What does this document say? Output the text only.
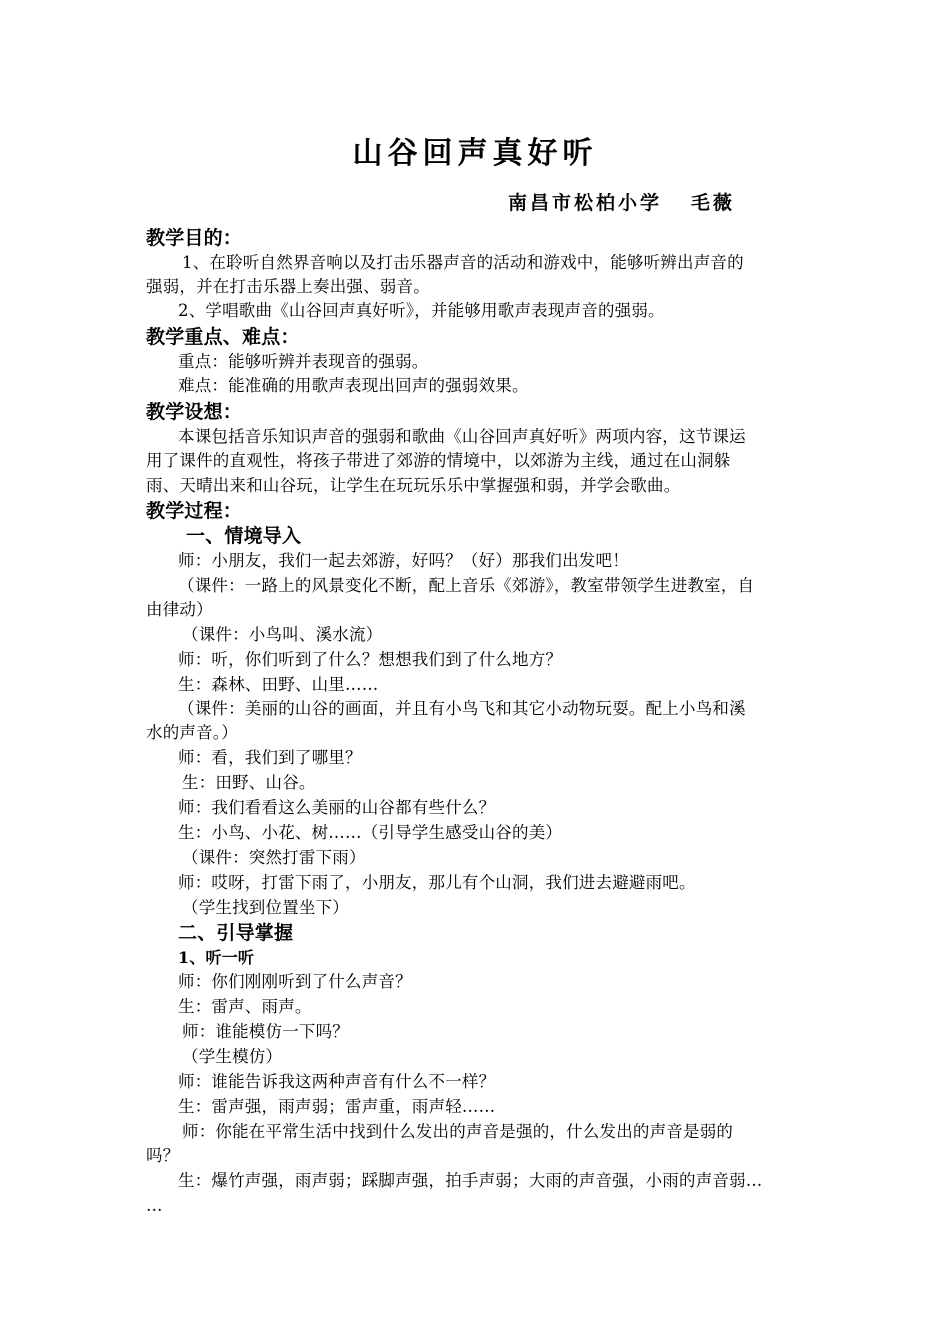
山谷回声真好听
南昌市松柏小学   毛薇
教学目的：
1、在聆听自然界音响以及打击乐器声音的活动和游戏中，能够听辨出声音的
强弱，并在打击乐器上奏出强、弱音。
2、学唱歌曲《山谷回声真好听》，并能够用歌声表现声音的强弱。
教学重点、难点：
重点：能够听辨并表现音的强弱。
难点：能准确的用歌声表现出回声的强弱效果。
教学设想：
本课包括音乐知识声音的强弱和歌曲《山谷回声真好听》两项内容，这节课运
用了课件的直观性，将孩子带进了郊游的情境中，以郊游为主线，通过在山洞躲
雨、天晴出来和山谷玩，让学生在玩玩乐乐中掌握强和弱，并学会歌曲。
教学过程：
一、情境导入
师：小朋友，我们一起去郊游，好吗？（好）那我们出发吧！
（课件：一路上的风景变化不断，配上音乐《郊游》，教室带领学生进教室，自
由律动）
（课件：小鸟叫、溪水流）
师：听，你们听到了什么？想想我们到了什么地方？
生：森林、田野、山里……
（课件：美丽的山谷的画面，并且有小鸟飞和其它小动物玩耍。配上小鸟和溪
水的声音。）
师：看，我们到了哪里？
生：田野、山谷。
师：我们看看这么美丽的山谷都有些什么？
生：小鸟、小花、树……（引导学生感受山谷的美）
（课件：突然打雷下雨）
师：哎呀，打雷下雨了，小朋友，那儿有个山洞，我们进去避避雨吧。
（学生找到位置坐下）
二、引导掌握
1、听一听
师：你们刚刚听到了什么声音？
生：雷声、雨声。
师：谁能模仿一下吗？
（学生模仿）
师：谁能告诉我这两种声音有什么不一样？
生：雷声强，雨声弱；雷声重，雨声轻……
师：你能在平常生活中找到什么发出的声音是强的，什么发出的声音是弱的
吗？
生：爆竹声强，雨声弱；踩脚声强，拍手声弱；大雨的声音强，小雨的声音弱…
…
